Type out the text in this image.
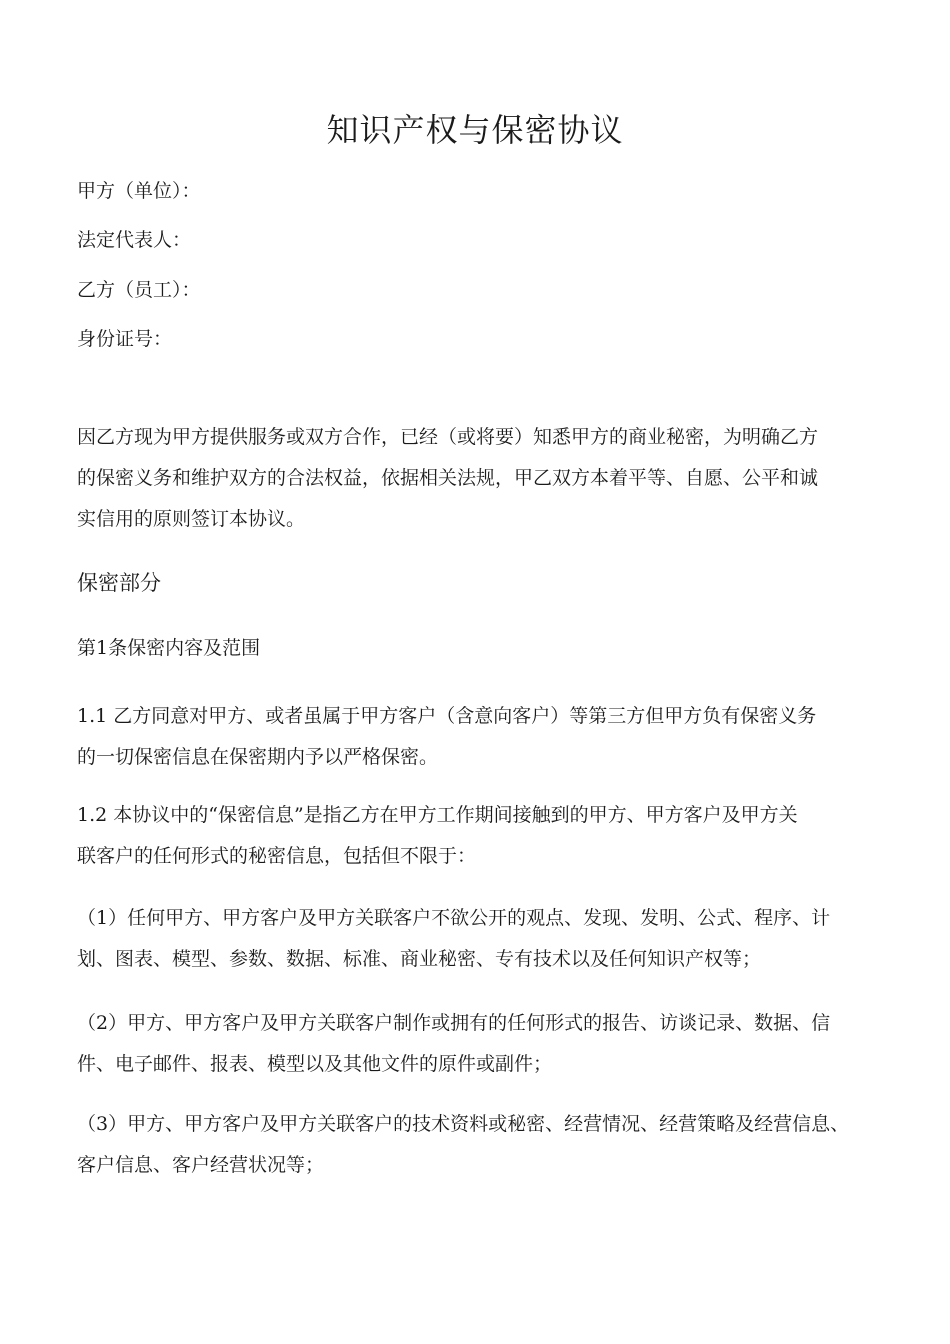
知识产权与保密协议
甲方（单位）：
法定代表人：
乙方（员工）：
身份证号：
因乙方现为甲方提供服务或双方合作，已经（或将要）知悉甲方的商业秘密，为明确乙方
的保密义务和维护双方的合法权益，依据相关法规，甲乙双方本着平等、自愿、公平和诚
实信用的原则签订本协议。
保密部分
第1条保密内容及范围
1.1 乙方同意对甲方、或者虽属于甲方客户（含意向客户）等第三方但甲方负有保密义务
的一切保密信息在保密期内予以严格保密。
1.2 本协议中的“保密信息”是指乙方在甲方工作期间接触到的甲方、甲方客户及甲方关
联客户的任何形式的秘密信息，包括但不限于：
（1）任何甲方、甲方客户及甲方关联客户不欲公开的观点、发现、发明、公式、程序、计
划、图表、模型、参数、数据、标准、商业秘密、专有技术以及任何知识产权等；
（2）甲方、甲方客户及甲方关联客户制作或拥有的任何形式的报告、访谈记录、数据、信
件、电子邮件、报表、模型以及其他文件的原件或副件；
（3）甲方、甲方客户及甲方关联客户的技术资料或秘密、经营情况、经营策略及经营信息、
客户信息、客户经营状况等；
